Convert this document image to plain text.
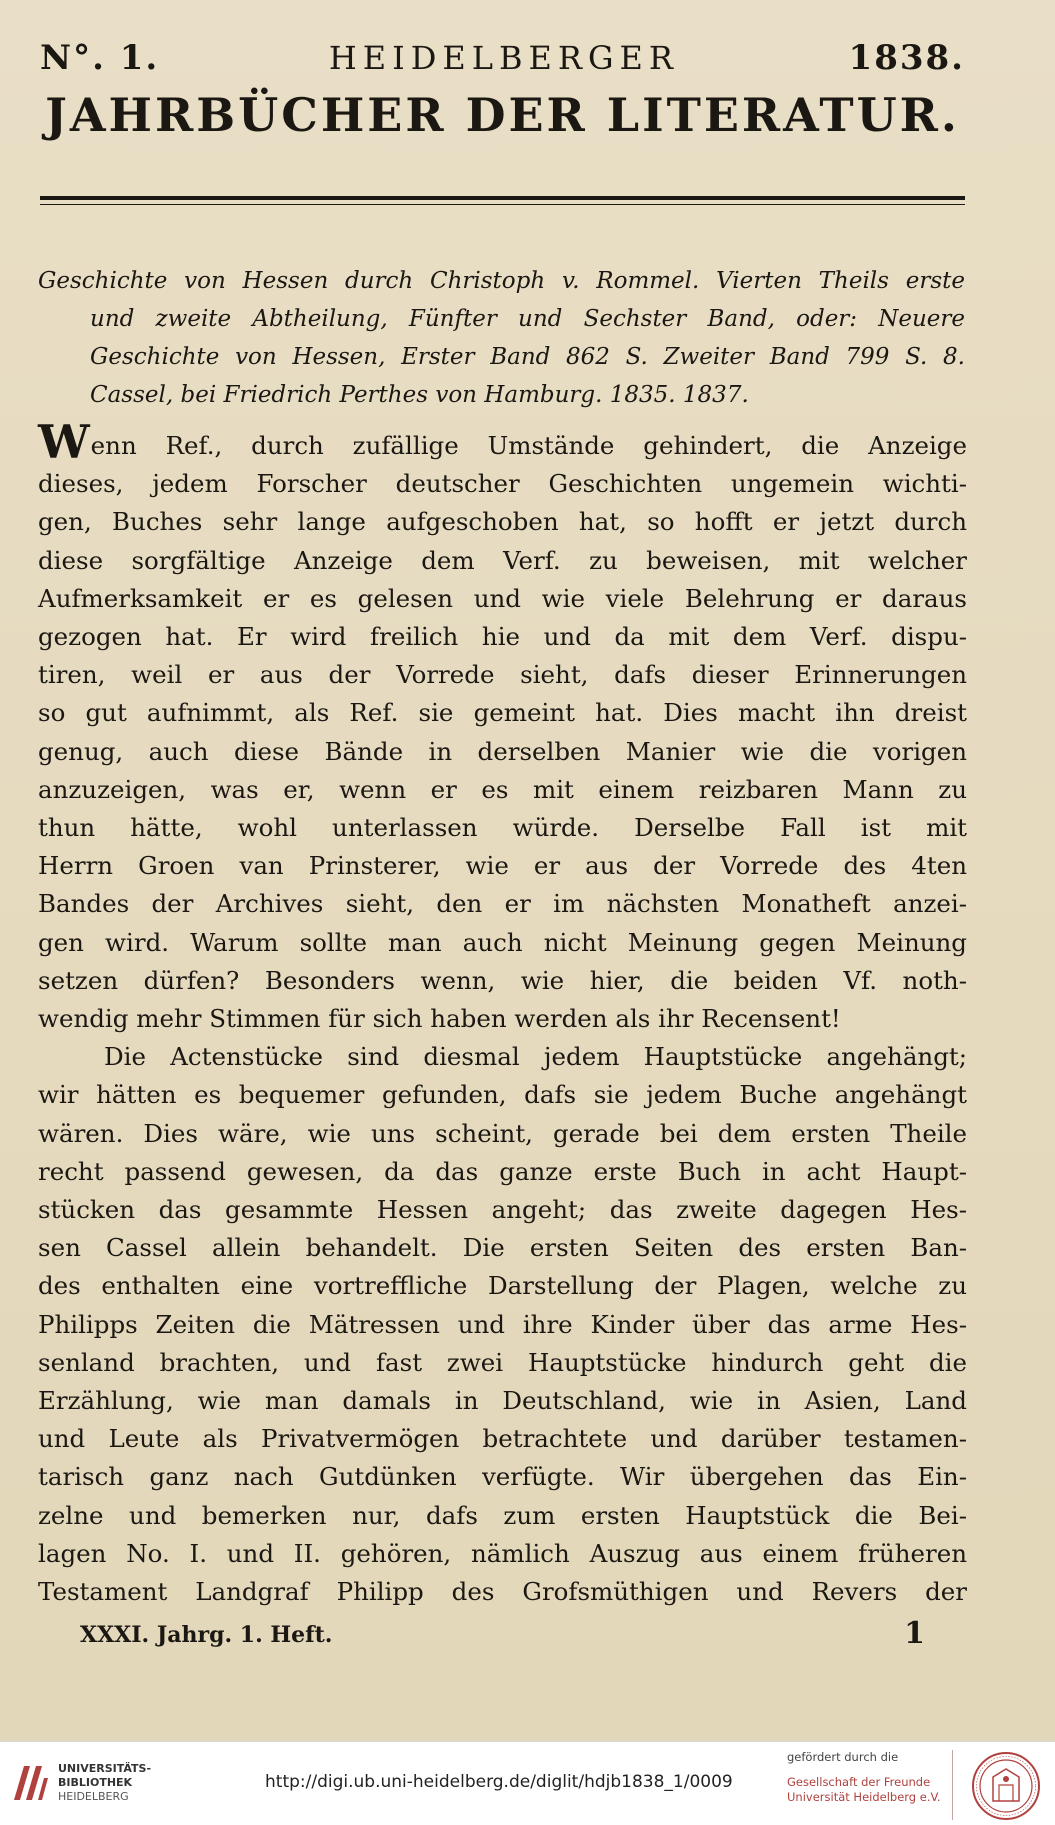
N°. 1.	HEIDELBERGER	1838.
JAHRBÜCHER DER LITERATUR.
Geschichte von Hessen durch Christoph v. Rommel. Vierten Theils erste
und zweite Abtheilung, Fünfter und Sechster Band, oder: Neuere
Geschichte von Hessen, Erster Band 862 S. Zweiter Band 799 S. 8.
Cassel, bei Friedrich Perthes von Hamburg. 1835. 1837.
Wenn Ref., durch zufällige Umstände gehindert, die Anzeige
dieses, jedem Forscher deutscher Geschichten ungemein wichti-
gen, Buches sehr lange aufgeschoben hat, so hofft er jetzt durch
diese sorgfältige Anzeige dem Verf. zu beweisen, mit welcher
Aufmerksamkeit er es gelesen und wie viele Belehrung er daraus
gezogen hat. Er wird freilich hie und da mit dem Verf. dispu-
tiren, weil er aus der Vorrede sieht, dafs dieser Erinnerungen
so gut aufnimmt, als Ref. sie gemeint hat. Dies macht ihn dreist
genug, auch diese Bände in derselben Manier wie die vorigen
anzuzeigen, was er, wenn er es mit einem reizbaren Mann zu
thun hätte, wohl unterlassen würde. Derselbe Fall ist mit
Herrn Groen van Prinsterer, wie er aus der Vorrede des 4ten
Bandes der Archives sieht, den er im nächsten Monatheft anzei-
gen wird. Warum sollte man auch nicht Meinung gegen Meinung
setzen dürfen? Besonders wenn, wie hier, die beiden Vf. noth-
wendig mehr Stimmen für sich haben werden als ihr Recensent!
Die Actenstücke sind diesmal jedem Hauptstücke angehängt;
wir hätten es bequemer gefunden, dafs sie jedem Buche angehängt
wären. Dies wäre, wie uns scheint, gerade bei dem ersten Theile
recht passend gewesen, da das ganze erste Buch in acht Haupt-
stücken das gesammte Hessen angeht; das zweite dagegen Hes-
sen Cassel allein behandelt. Die ersten Seiten des ersten Ban-
des enthalten eine vortreffliche Darstellung der Plagen, welche zu
Philipps Zeiten die Mätressen und ihre Kinder über das arme Hes-
senland brachten, und fast zwei Hauptstücke hindurch geht die
Erzählung, wie man damals in Deutschland, wie in Asien, Land
und Leute als Privatvermögen betrachtete und darüber testamen-
tarisch ganz nach Gutdünken verfügte. Wir übergehen das Ein-
zelne und bemerken nur, dafs zum ersten Hauptstück die Bei-
lagen No. I. und II. gehören, nämlich Auszug aus einem früheren
Testament Landgraf Philipp des Grofsmüthigen und Revers der
XXXI. Jahrg. 1. Heft.	1
UNIVERSITÄTS-
BIBLIOTHEK
HEIDELBERG
http://digi.ub.uni-heidelberg.de/diglit/hdjb1838_1/0009
gefördert durch die
Gesellschaft der Freunde
Universität Heidelberg e.V.
